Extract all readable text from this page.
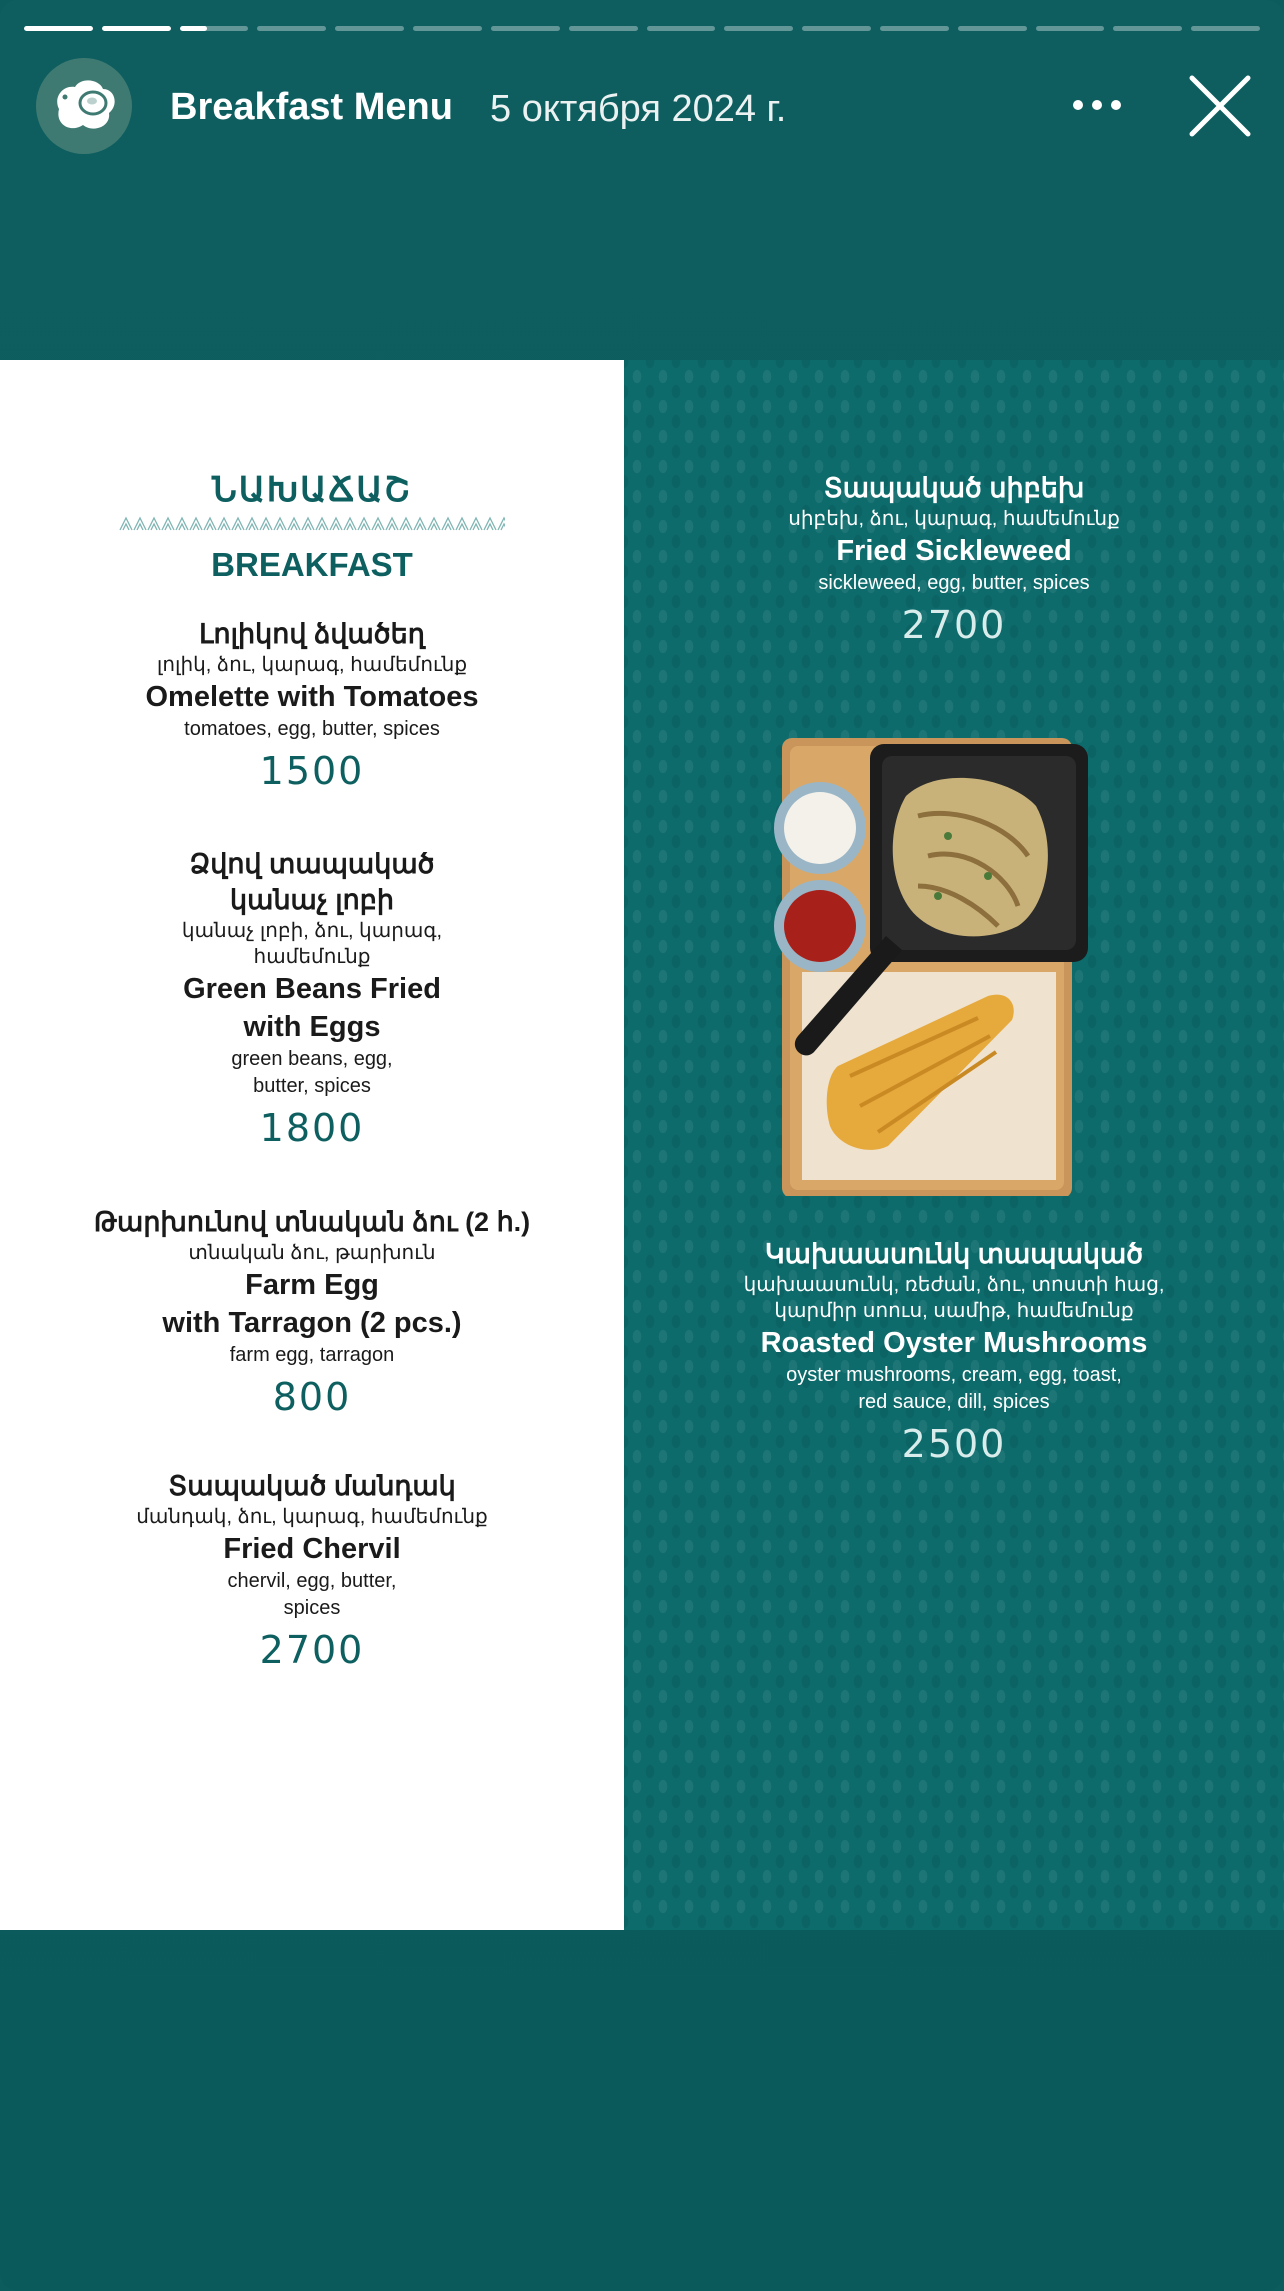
Breakfast Menu 5 октября 2024 г.
ՆԱԽԱՃԱՇ
BREAKFAST
Լոլիկով ձվածեղ
լոլիկ, ձու, կարագ, համեմունք
Omelette with Tomatoes
tomatoes, egg, butter, spices
1500
Ձվով տապակած
կանաչ լոբի
կանաչ լոբի, ձու, կարագ,
համեմունք
Green Beans Fried
with Eggs
green beans, egg,
butter, spices
1800
Թարխունով տնական ձու (2 հ.)
տնական ձու, թարխուն
Farm Egg
with Tarragon (2 pcs.)
farm egg, tarragon
800
Տապակած մանդակ
մանդակ, ձու, կարագ, համեմունք
Fried Chervil
chervil, egg, butter,
spices
2700
Տապակած սիբեխ
սիբեխ, ձու, կարագ, համեմունք
Fried Sickleweed
sickleweed, egg, butter, spices
2700
Կախաասունկ տապակած
կախաասունկ, ռեժան, ձու, տոստի հաց,
կարմիր սոուս, սամիթ, համեմունք
Roasted Oyster Mushrooms
oyster mushrooms, cream, egg, toast,
red sauce, dill, spices
2500
